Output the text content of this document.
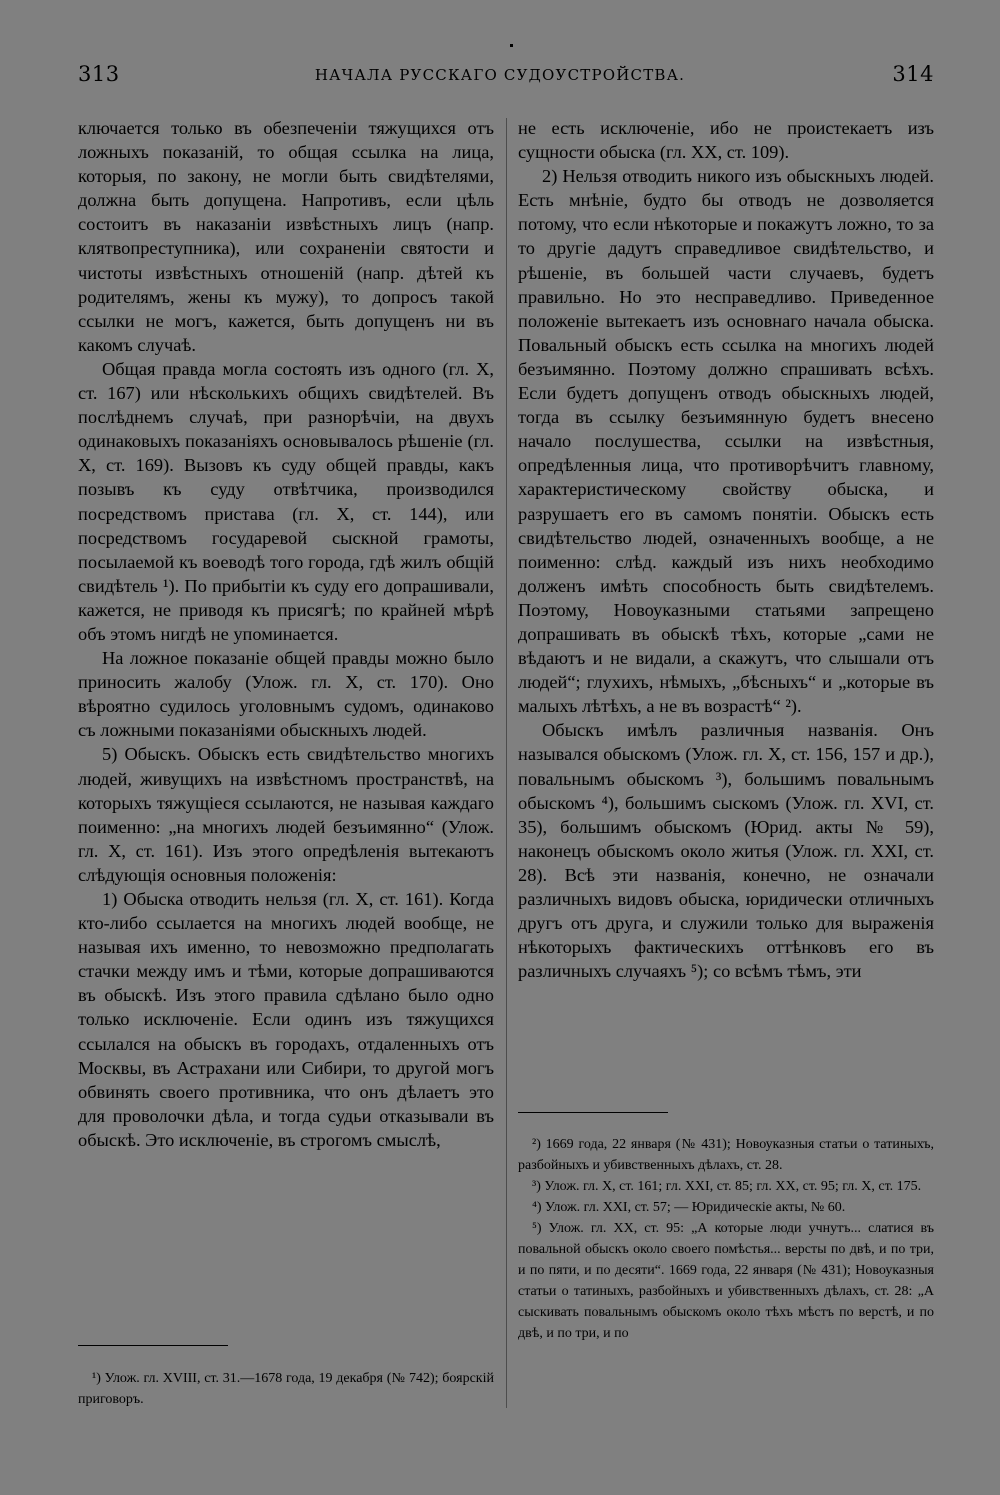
313	НАЧАЛА РУССКАГО СУДОУСТРОЙСТВА.	314

ключается только въ обезпеченіи тяжущихся отъ ложныхъ показаній, то общая ссылка на лица, которыя, по закону, не могли быть свидѣтелями, должна быть допущена. Напротивъ, если цѣль состоитъ въ наказаніи извѣстныхъ лицъ (напр. клятвопреступника), или сохраненіи святости и чистоты извѣстныхъ отношеній (напр. дѣтей къ родителямъ, жены къ мужу), то допросъ такой ссылки не могъ, кажется, быть допущенъ ни въ какомъ случаѣ.

Общая правда могла состоять изъ одного (гл. X, ст. 167) или нѣсколькихъ общихъ свидѣтелей. Въ послѣднемъ случаѣ, при разнорѣчіи, на двухъ одинаковыхъ показаніяхъ основывалось рѣшеніе (гл. X, ст. 169). Вызовъ къ суду общей правды, какъ позывъ къ суду отвѣтчика, производился посредствомъ пристава (гл. X, ст. 144), или посредствомъ государевой сыскной грамоты, посылаемой къ воеводѣ того города, гдѣ жилъ общій свидѣтель ¹). По прибытіи къ суду его допрашивали, кажется, не приводя къ присягѣ; по крайней мѣрѣ объ этомъ нигдѣ не упоминается.

На ложное показаніе общей правды можно было приносить жалобу (Улож. гл. X, ст. 170). Оно вѣроятно судилось уголовнымъ судомъ, одинаково съ ложными показаніями обыскныхъ людей.

5) Обыскъ. Обыскъ есть свидѣтельство многихъ людей, живущихъ на извѣстномъ пространствѣ, на которыхъ тяжущіеся ссылаются, не называя каждаго поименно: „на многихъ людей безъимянно“ (Улож. гл. X, ст. 161). Изъ этого опредѣленія вытекаютъ слѣдующія основныя положенія:

1) Обыска отводить нельзя (гл. X, ст. 161). Когда кто-либо ссылается на многихъ людей вообще, не называя ихъ именно, то невозможно предполагать стачки между имъ и тѣми, которые допрашиваются въ обыскѣ. Изъ этого правила сдѣлано было одно только исключеніе. Если одинъ изъ тяжущихся ссылался на обыскъ въ городахъ, отдаленныхъ отъ Москвы, въ Астрахани или Сибири, то другой могъ обвинять своего противника, что онъ дѣлаетъ это для проволочки дѣла, и тогда судьи отказывали въ обыскѣ. Это исключеніе, въ строгомъ смыслѣ,

не есть исключеніе, ибо не проистекаетъ изъ сущности обыска (гл. XX, ст. 109).

2) Нельзя отводить никого изъ обыскныхъ людей. Есть мнѣніе, будто бы отводъ не дозволяется потому, что если нѣкоторые и покажутъ ложно, то за то другіе дадутъ справедливое свидѣтельство, и рѣшеніе, въ большей части случаевъ, будетъ правильно. Но это несправедливо. Приведенное положеніе вытекаетъ изъ основнаго начала обыска. Повальный обыскъ есть ссылка на многихъ людей безъимянно. Поэтому должно спрашивать всѣхъ. Если будетъ допущенъ отводъ обыскныхъ людей, тогда въ ссылку безъимянную будетъ внесено начало послушества, ссылки на извѣстныя, опредѣленныя лица, что противорѣчитъ главному, характеристическому свойству обыска, и разрушаетъ его въ самомъ понятіи. Обыскъ есть свидѣтельство людей, означенныхъ вообще, а не поименно: слѣд. каждый изъ нихъ необходимо долженъ имѣть способность быть свидѣтелемъ. Поэтому, Новоуказными статьями запрещено допрашивать въ обыскѣ тѣхъ, которые „сами не вѣдаютъ и не видали, а скажутъ, что слышали отъ людей“; глухихъ, нѣмыхъ, „бѣсныхъ“ и „которые въ малыхъ лѣтѣхъ, а не въ возрастѣ“ ²).

Обыскъ имѣлъ различныя названія. Онъ назывался обыскомъ (Улож. гл. X, ст. 156, 157 и др.), повальнымъ обыскомъ ³), большимъ повальнымъ обыскомъ ⁴), большимъ сыскомъ (Улож. гл. XVI, ст. 35), большимъ обыскомъ (Юрид. акты № 59), наконецъ обыскомъ около житья (Улож. гл. XXI, ст. 28). Всѣ эти названія, конечно, не означали различныхъ видовъ обыска, юридически отличныхъ другъ отъ друга, и служили только для выраженія нѣкоторыхъ фактическихъ оттѣнковъ его въ различныхъ случаяхъ ⁵); со всѣмъ тѣмъ, эти

¹) Улож. гл. XVIII, ст. 31.—1678 года, 19 декабря (№ 742); боярскій приговоръ.

²) 1669 года, 22 января (№ 431); Новоуказныя статьи о татиныхъ, разбойныхъ и убивственныхъ дѣлахъ, ст. 28.

³) Улож. гл. X, ст. 161; гл. XXI, ст. 85; гл. XX, ст. 95; гл. X, ст. 175.

⁴) Улож. гл. XXI, ст. 57; — Юридическіе акты, № 60.

⁵) Улож. гл. XX, ст. 95: „А которые люди учнутъ... слатися въ повальной обыскъ около своего помѣстья... версты по двѣ, и по три, и по пяти, и по десяти“. 1669 года, 22 января (№ 431); Новоуказныя статьи о татиныхъ, разбойныхъ и убивственныхъ дѣлахъ, ст. 28: „А сыскивать повальнымъ обыскомъ около тѣхъ мѣстъ по верстѣ, и по двѣ, и по три, и по
